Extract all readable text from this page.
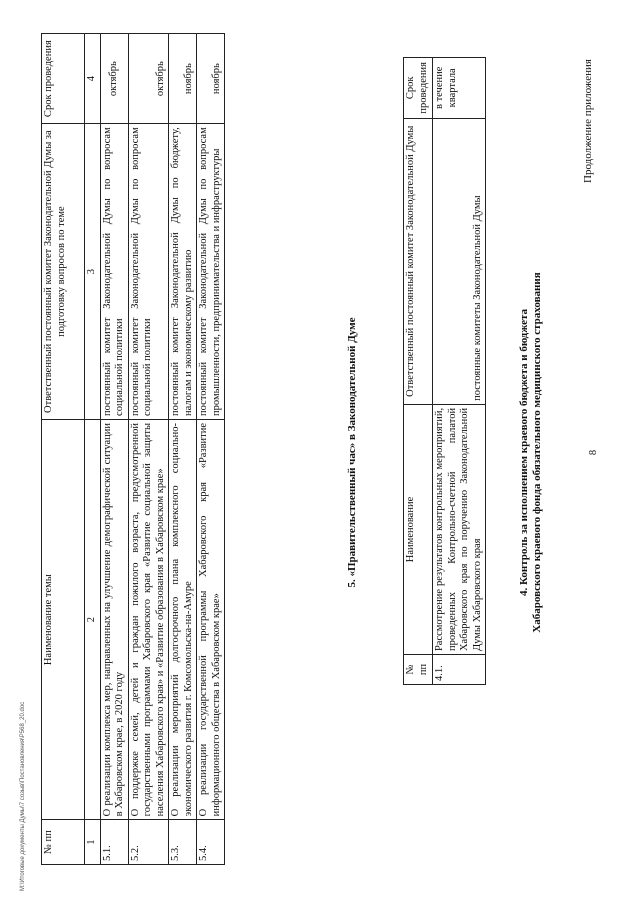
8
Продолжение приложения
4. Контроль за исполнением краевого бюджета и бюджета Хабаровского краевого фонда обязательного медицинского страхования
№ пп	Наименование	Ответственный постоянный комитет Законодательной Думы	Срок проведения
4.1.	Рассмотрение результатов контрольных мероприятий, проведенных Контрольно-счетной палатой Хабаровского края по поручению Законодательной Думы Хабаровского края	постоянные комитеты Законодательной Думы	в течение квартала
5. «Правительственный час» в Законодательной Думе
№ пп	Наименование темы	Ответственный постоянный комитет Законодательной Думы за подготовку вопросов по теме	Срок проведения
1	2	3	4
5.1.	О реализации комплекса мер, направленных на улучшение демографической ситуации в Хабаровском крае, в 2020 году	постоянный комитет Законодательной Думы по вопросам социальной политики	октябрь
5.2.	О поддержке семей, детей и граждан пожилого возраста, предусмотренной государственными программами Хабаровского края «Развитие социальной защиты населения Хабаровского края» и «Развитие образования в Хабаровском крае»	постоянный комитет Законодательной Думы по вопросам социальной политики	октябрь
5.3.	О реализации мероприятий долгосрочного плана комплексного социально-экономического развития г. Комсомольска-на-Амуре	постоянный комитет Законодательной Думы по бюджету, налогам и экономическому развитию	ноябрь
5.4.	О реализации государственной программы Хабаровского края «Развитие информационного общества в Хабаровском крае»	постоянный комитет Законодательной Думы по вопросам промышленности, предпринимательства и инфраструктуры	ноябрь
M:\Итоговые документы Думы\7 созыв\Постановления\Р568_20.doc
